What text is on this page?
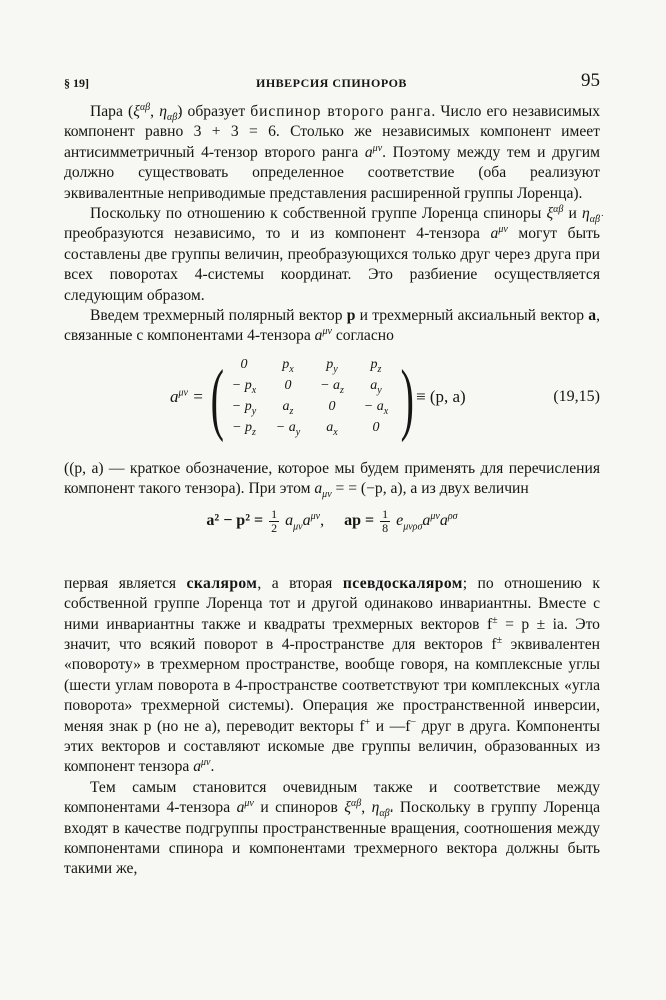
§ 19]	ИНВЕРСИЯ СПИНОРОВ	95

Пара ($\xi^{\alpha\beta}$, $\eta_{\alphȧ\betȧ}$) образует биспинор второго ранга. Число его независимых компонент равно 3 + 3 = 6. Столько же независимых компонент имеет антисимметричный 4-тензор второго ранга $a^{\mu\nu}$. Поэтому между тем и другим должно существовать определенное соответствие (оба реализуют эквивалентные неприводимые представления расширенной группы Лоренца).

Поскольку по отношению к собственной группе Лоренца спиноры $\xi^{\alpha\beta}$ и $\eta_{\alphȧ\betȧ}$ преобразуются независимо, то и из компонент 4-тензора $a^{\mu\nu}$ могут быть составлены две группы величин, преобразующихся только друг через друга при всех поворотах 4-системы координат. Это разбиение осуществляется следующим образом.

Введем трехмерный полярный вектор p и трехмерный аксиальный вектор a, связанные с компонентами 4-тензора $a^{\mu\nu}$ согласно

$a^{\mu\nu}$ = ( 0	$p_x$	$p_y$	$p_z$
− $p_x$	0	− $a_z$	$a_y$
− $p_y$	$a_z$	0	− $a_x$
− $p_z$	− $a_y$	$a_x$	0 ) ≡ (p, a)	(19,15)

((p, a) — краткое обозначение, которое мы будем применять для перечисления компонент такого тензора). При этом $a_{\mu\nu}$ = = (−p, a), а из двух величин

$a^2 - p^2 = \frac{1}{2} a_{\mu\nu}a^{\mu\nu}$, ap = $\frac{1}{8} e_{\mu\nu\rho\sigma}a^{\mu\nu}a^{\rho\sigma}$

первая является скаляром, а вторая псевдоскаляром; по отношению к собственной группе Лоренца тот и другой одинаково инвариантны. Вместе с ними инвариантны также и квадраты трехмерных векторов f± = p ± ia. Это значит, что всякий поворот в 4-пространстве для векторов f± эквивалентен «повороту» в трехмерном пространстве, вообще говоря, на комплексные углы (шести углам поворота в 4-пространстве соответствуют три комплексных «угла поворота» трехмерной системы). Операция же пространственной инверсии, меняя знак p (но не a), переводит векторы f+ и —f− друг в друга. Компоненты этих векторов и составляют искомые две группы величин, образованных из компонент тензора $a^{\mu\nu}$.

Тем самым становится очевидным также и соответствие между компонентами 4-тензора $a^{\mu\nu}$ и спиноров $\xi^{\alpha\beta}$, $\eta_{\alphȧ\betȧ}$. Поскольку в группу Лоренца входят в качестве подгруппы пространственные вращения, соотношения между компонентами спинора и компонентами трехмерного вектора должны быть такими же,
